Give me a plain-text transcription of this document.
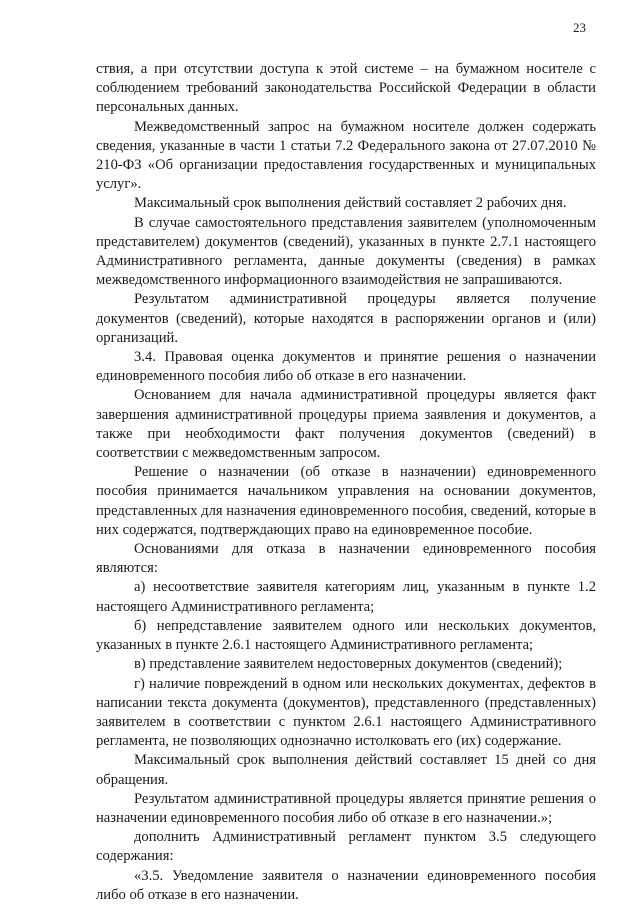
23

ствия, а при отсутствии доступа к этой системе – на бумажном носителе с соблюдением требований законодательства Российской Федерации в области персональных данных.

Межведомственный запрос на бумажном носителе должен содержать сведения, указанные в части 1 статьи 7.2 Федерального закона от 27.07.2010 № 210-ФЗ «Об организации предоставления государственных и муниципальных услуг».

Максимальный срок выполнения действий составляет 2 рабочих дня.

В случае самостоятельного представления заявителем (уполномоченным представителем) документов (сведений), указанных в пункте 2.7.1 настоящего Административного регламента, данные документы (сведения) в рамках межведомственного информационного взаимодействия не запрашиваются.

Результатом административной процедуры является получение документов (сведений), которые находятся в распоряжении органов и (или) организаций.

3.4. Правовая оценка документов и принятие решения о назначении единовременного пособия либо об отказе в его назначении.

Основанием для начала административной процедуры является факт завершения административной процедуры приема заявления и документов, а также при необходимости факт получения документов (сведений) в соответствии с межведомственным запросом.

Решение о назначении (об отказе в назначении) единовременного пособия принимается начальником управления на основании документов, представленных для назначения единовременного пособия, сведений, которые в них содержатся, подтверждающих право на единовременное пособие.

Основаниями для отказа в назначении единовременного пособия являются:

а) несоответствие заявителя категориям лиц, указанным в пункте 1.2 настоящего Административного регламента;

б) непредставление заявителем одного или нескольких документов, указанных в пункте 2.6.1 настоящего Административного регламента;

в) представление заявителем недостоверных документов (сведений);

г) наличие повреждений в одном или нескольких документах, дефектов в написании текста документа (документов), представленного (представленных) заявителем в соответствии с пунктом 2.6.1 настоящего Административного регламента, не позволяющих однозначно истолковать его (их) содержание.

Максимальный срок выполнения действий составляет 15 дней со дня обращения.

Результатом административной процедуры является принятие решения о назначении единовременного пособия либо об отказе в его назначении.»;

дополнить Административный регламент пунктом 3.5 следующего содержания:

«3.5. Уведомление заявителя о назначении единовременного пособия либо об отказе в его назначении.
